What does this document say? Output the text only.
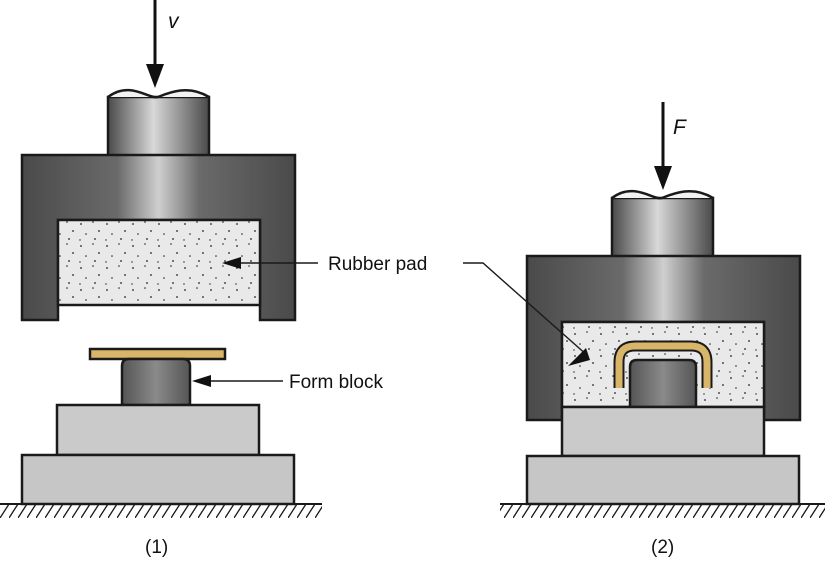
v
Rubber pad
Form block
(1)
F
(2)
